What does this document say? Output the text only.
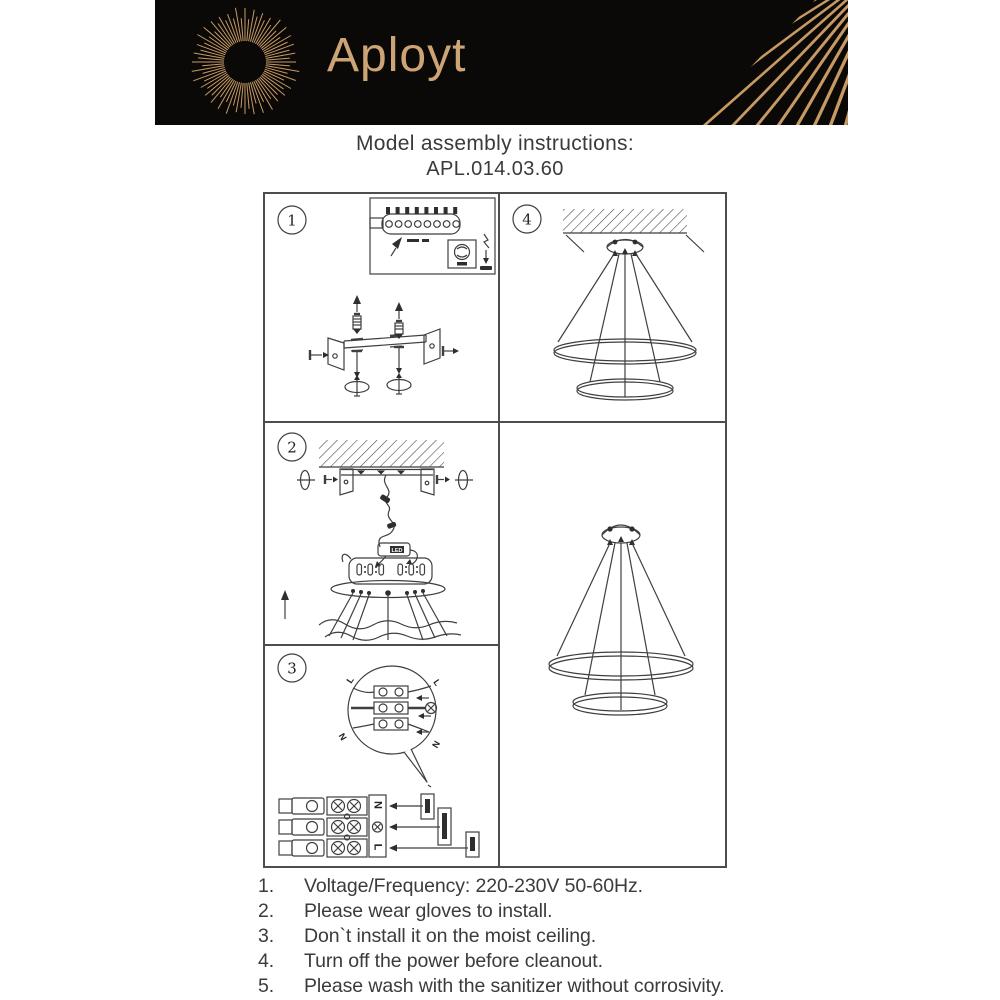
Aployt
Model assembly instructions:
APL.014.03.60
1
2
LED
3
L	L
N
N
N
L
4
1.	Voltage/Frequency: 220-230V 50-60Hz.
2.	Please wear gloves to install.
3.	Don`t install it on the moist ceiling.
4.	Turn off the power before cleanout.
5.	Please wash with the sanitizer without corrosivity.
